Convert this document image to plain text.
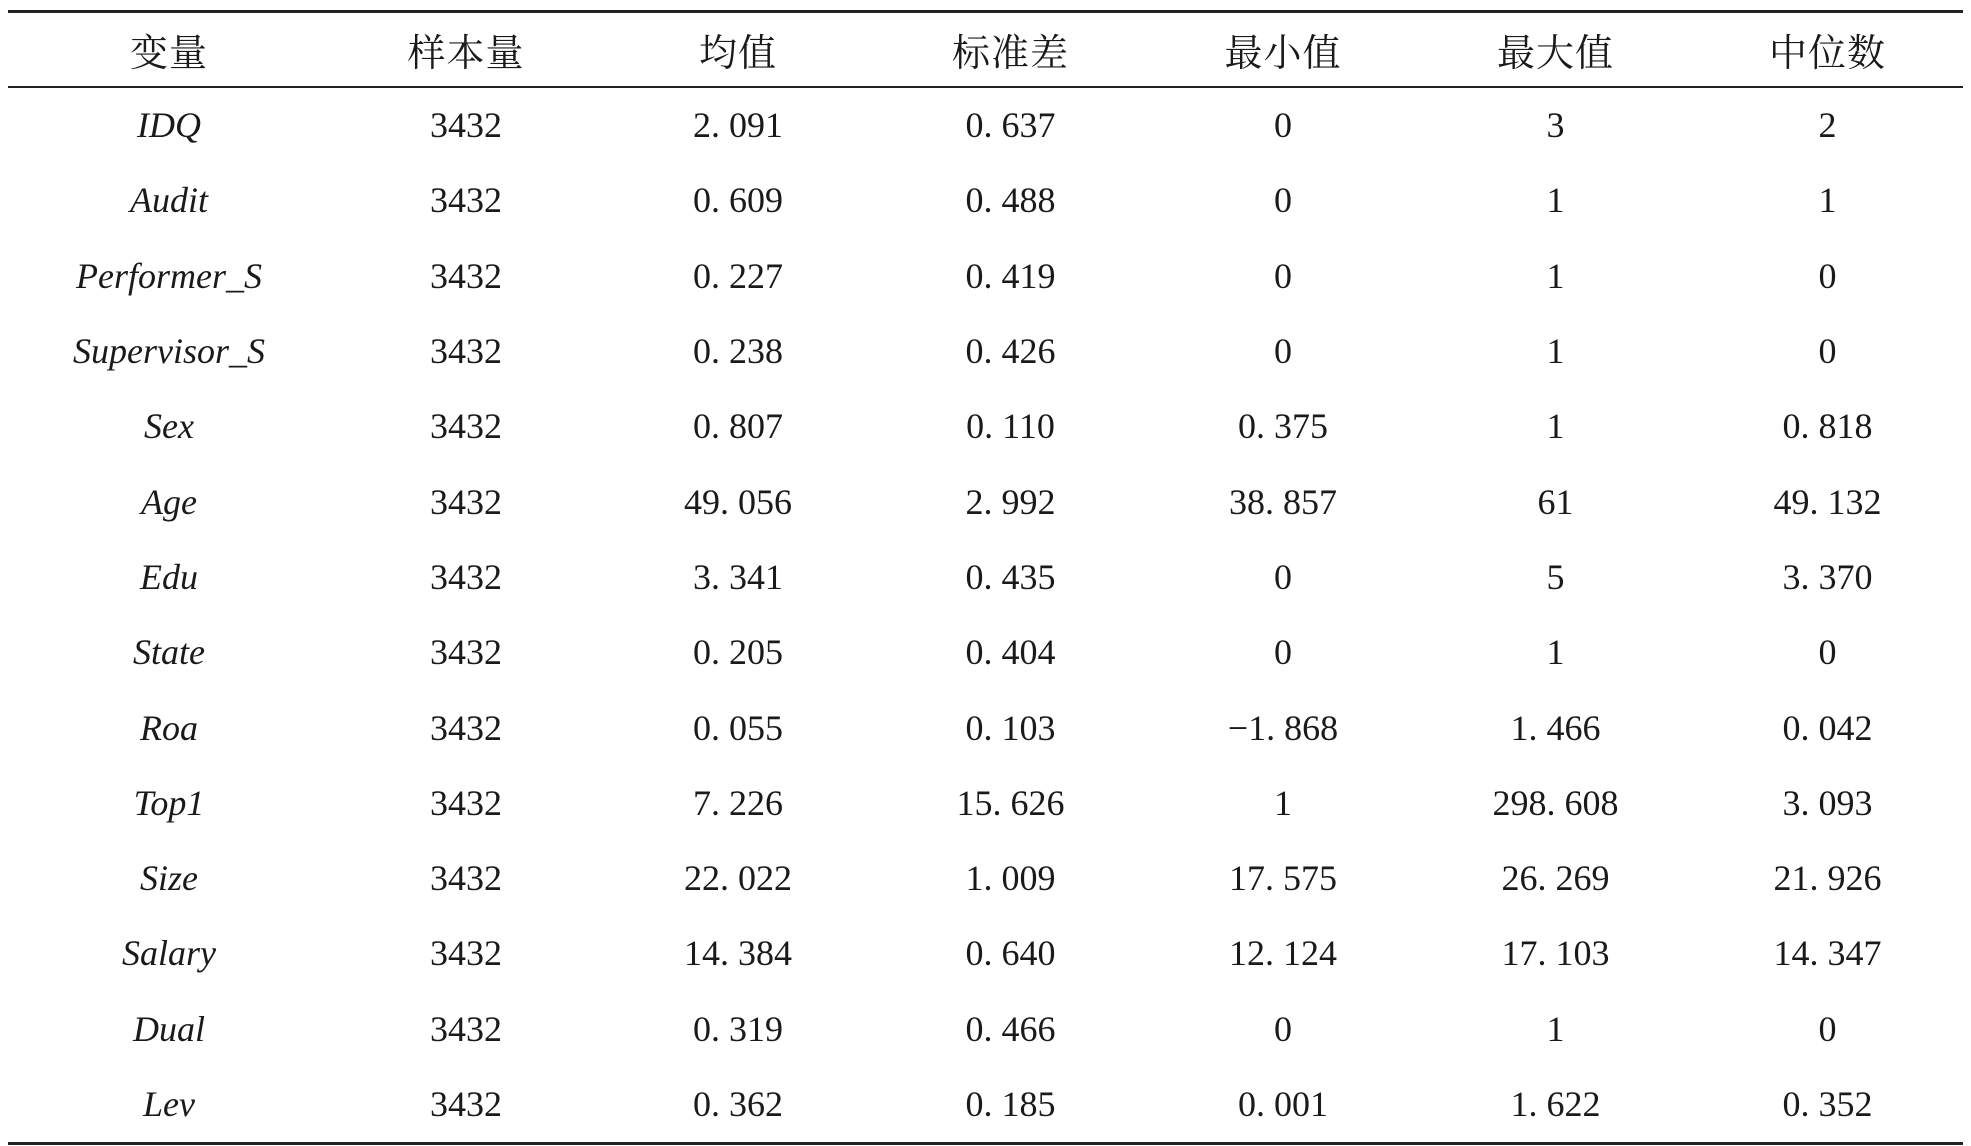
变量	样本量	均值	标准差	最小值	最大值	中位数
IDQ	3432	2. 091	0. 637	0	3	2
Audit	3432	0. 609	0. 488	0	1	1
Performer_S	3432	0. 227	0. 419	0	1	0
Supervisor_S	3432	0. 238	0. 426	0	1	0
Sex	3432	0. 807	0. 110	0. 375	1	0. 818
Age	3432	49. 056	2. 992	38. 857	61	49. 132
Edu	3432	3. 341	0. 435	0	5	3. 370
State	3432	0. 205	0. 404	0	1	0
Roa	3432	0. 055	0. 103	−1. 868	1. 466	0. 042
Top1	3432	7. 226	15. 626	1	298. 608	3. 093
Size	3432	22. 022	1. 009	17. 575	26. 269	21. 926
Salary	3432	14. 384	0. 640	12. 124	17. 103	14. 347
Dual	3432	0. 319	0. 466	0	1	0
Lev	3432	0. 362	0. 185	0. 001	1. 622	0. 352
